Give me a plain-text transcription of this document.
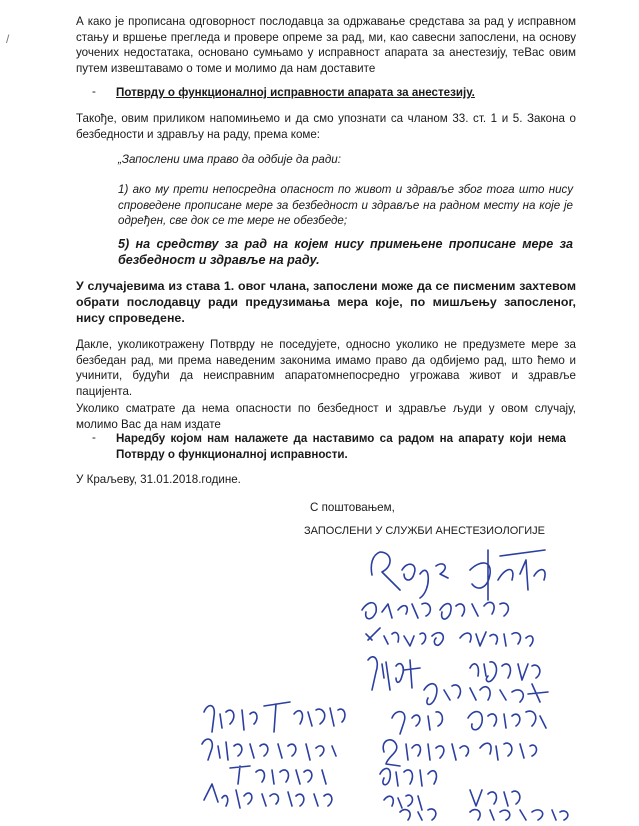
/

А како је прописана одговорност послодавца за одржавање средстава за рад у исправном стању и вршење прегледа и провере опреме за рад, ми, као савесни запослени, на основу уочених недостатака, основано сумњамо у исправност апарата за анестезију, теВас овим путем извештавамо о томе и молимо да нам доставите

- Потврду о функционалној исправности апарата за анестезију.

Такође, овим приликом напомињемо и да смо упознати са чланом 33. ст. 1 и 5. Закона о безбедности и здрављу на раду, према коме:

„Запослени има право да одбије да ради:

1) ако му прети непосредна опасност по живот и здравље због тога што нису спроведене прописане мере за безбедност и здравље на радном месту на које је одређен, све док се те мере не обезбеде;

5) на средству за рад на којем нису примењене прописане мере за безбедност и здравље на раду.

У случајевима из става 1. овог члана, запослени може да се писменим захтевом обрати послодавцу ради предузимања мера које, по мишљењу запосленог, нису спроведене.

Дакле, уколикотражену Потврду не поседујете, односно уколико не предузмете мере за безбедан рад, ми према наведеним законима имамо право да одбијемо рад, што ћемо и учинити, будући да неисправним апаратомнепосредно угрожава живот и здравље пацијента.

Уколико сматрате да нема опасности по безбедност и здравље људи у овом случају, молимо Вас да нам издате

- Наредбу којом нам налажете да наставимо са радом на апарату који нема Потврду о функционалној исправности.

У Краљеву, 31.01.2018.године.

С поштовањем,

ЗАПОСЛЕНИ У СЛУЖБИ АНЕСТЕЗИОЛОГИЈЕ
